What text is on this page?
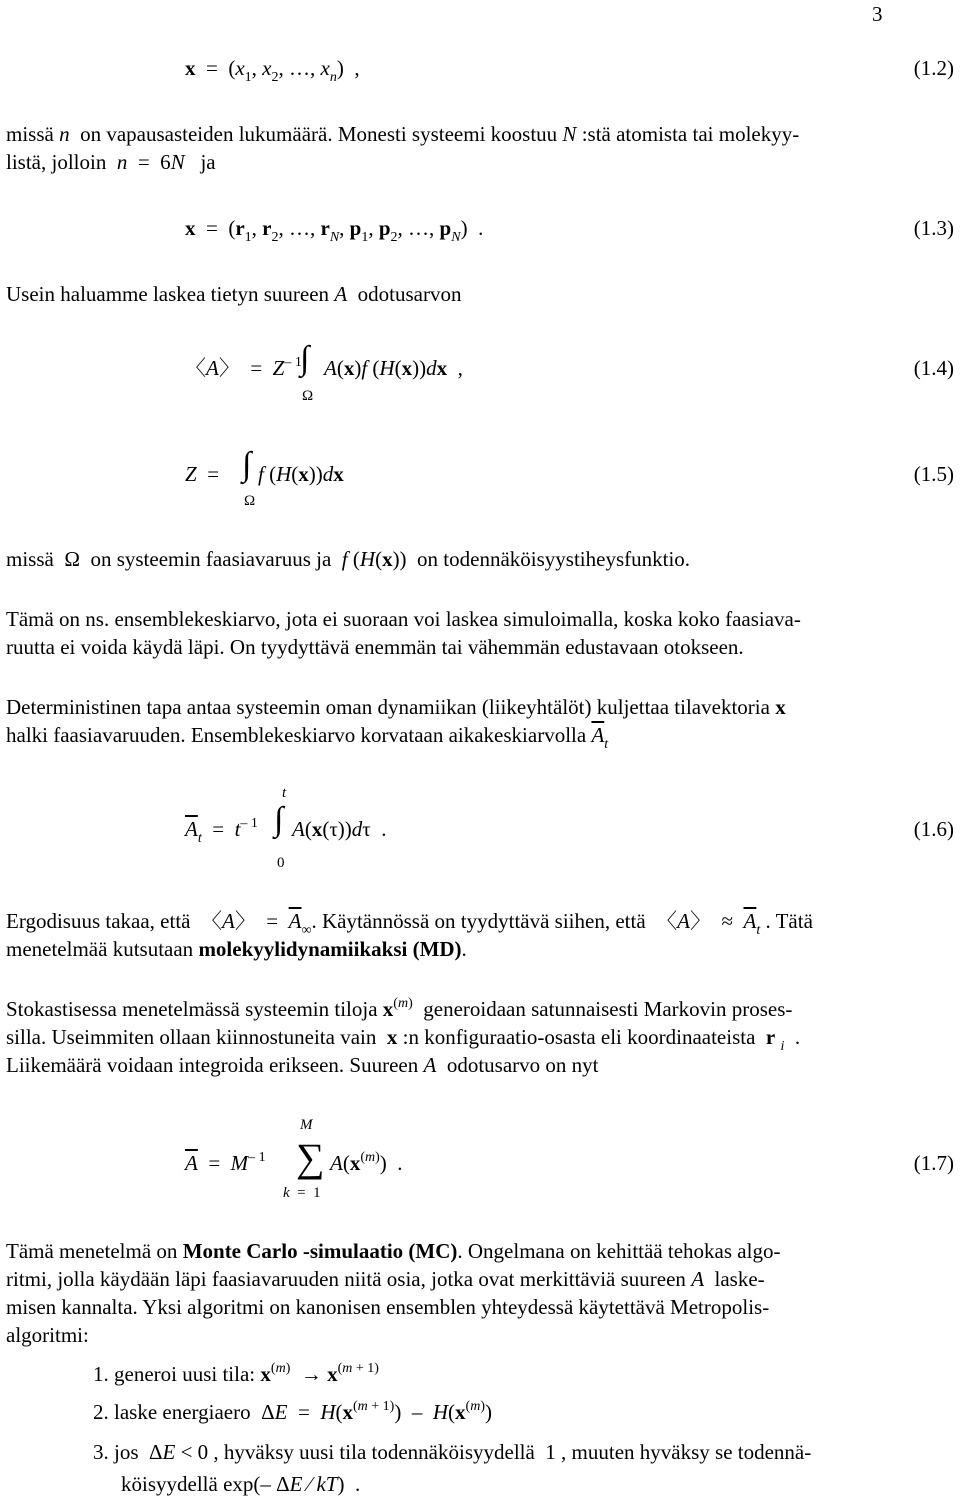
3
$x = (x_1$, $x_2$, …, $x_n$)  ,	(1.2)
missä n  on vapausasteiden lukumäärä. Monesti systeemi koostuu N :stä atomista tai molekyy-
listä, jolloin  n  =  6N   ja
$x = (r_1$, $r_2$, …, $r_N$, $p_1$, $p_2$, …, $p_N$)  .	(1.3)
Usein haluamme laskea tietyn suureen A  odotusarvon
〈A〉  =  $Z^{- 1}$
∫ A(x)f (H(x))dx  ,
Ω
(1.4)
Z  = ∫ f (H(x))dx
Ω
(1.5)
missä  Ω  on systeemin faasiavaruus ja  f (H(x))  on todennäköisyystiheysfunktio.
Tämä on ns. ensemblekeskiarvo, jota ei suoraan voi laskea simuloimalla, koska koko faasiava-
ruutta ei voida käydä läpi. On tyydyttävä enemmän tai vähemmän edustavaan otokseen.
Deterministinen tapa antaa systeemin oman dynamiikan (liikeyhtälöt) kuljettaa tilavektoria x
halki faasiavaruuden. Ensemblekeskiarvo korvataan aikakeskiarvolla $\overline{A}_t$
t
$\overline{A}_t = t^{- 1}$ ∫ A(x(τ))dτ  .
0
(1.6)
Ergodisuus takaa, että  〈A〉  =  $\overline{A}_\infty$. Käytännössä on tyydyttävä siihen, että  〈A〉  ≈  $\overline{A}_t$ . Tätä
menetelmää kutsutaan molekyylidynamiikaksi (MD).
Stokastisessa menetelmässä systeemin tiloja $x^{(m)}$  generoidaan satunnaisesti Markovin proses-
silla. Useimmiten ollaan kiinnostuneita vain  x :n konfiguraatio-osasta eli koordinaateista  r $_i$  .
Liikemäärä voidaan integroida erikseen. Suureen A  odotusarvo on nyt
M
$\overline{A} = M^{- 1}$ ∑ $A(x^{(m)})$  .
k  =  1
(1.7)
Tämä menetelmä on Monte Carlo -simulaatio (MC). Ongelmana on kehittää tehokas algo-
ritmi, jolla käydään läpi faasiavaruuden niitä osia, jotka ovat merkittäviä suureen A  laske-
misen kannalta. Yksi algoritmi on kanonisen ensemblen yhteydessä käytettävä Metropolis-
algoritmi:
1. generoi uusi tila: $x^{(m)} \to x^{(m + 1)}$
2. laske energiaero  $\Delta E = H(x^{(m + 1)}) - H(x^{(m)})$
3. jos  ΔE < 0 , hyväksy uusi tila todennäköisyydellä  1 , muuten hyväksy se todennä-
köisyydellä exp(– ΔE ⁄ kT)  .
